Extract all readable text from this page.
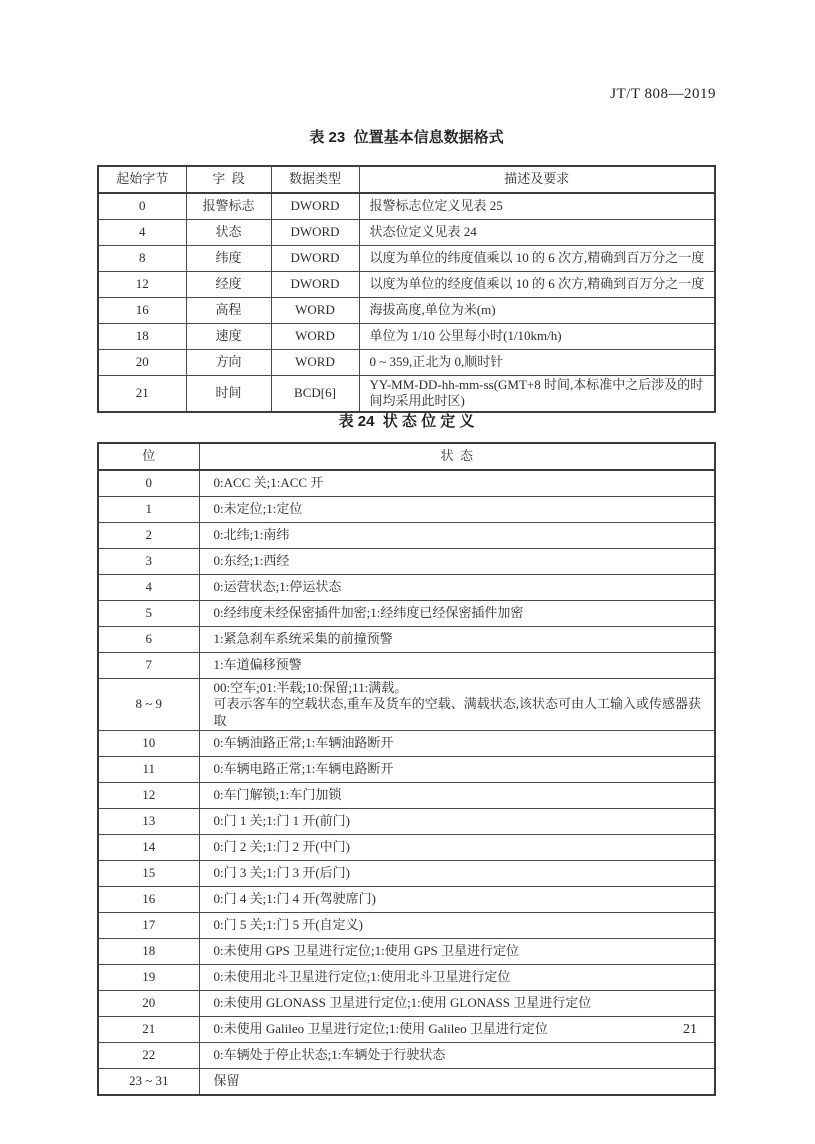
JT/T 808—2019
表 23  位置基本信息数据格式
起始字节	字  段	数据类型	描述及要求
0	报警标志	DWORD	报警标志位定义见表 25
4	状态	DWORD	状态位定义见表 24
8	纬度	DWORD	以度为单位的纬度值乘以 10 的 6 次方,精确到百万分之一度
12	经度	DWORD	以度为单位的经度值乘以 10 的 6 次方,精确到百万分之一度
16	高程	WORD	海拔高度,单位为米(m)
18	速度	WORD	单位为 1/10 公里每小时(1/10km/h)
20	方向	WORD	0 ~ 359,正北为 0,顺时针
21	时间	BCD[6]	YY-MM-DD-hh-mm-ss(GMT+8 时间,本标准中之后涉及的时间均采用此时区)
表 24  状 态 位 定 义
位	状  态
0	0:ACC 关;1:ACC 开

1	0:未定位;1:定位

2	0:北纬;1:南纬

3	0:东经;1:西经

4	0:运营状态;1:停运状态

5	0:经纬度未经保密插件加密;1:经纬度已经保密插件加密

6	1:紧急刹车系统采集的前撞预警

7	1:车道偏移预警

8 ~ 9	00:空车;01:半载;10:保留;11:满载。
可表示客车的空载状态,重车及货车的空载、满载状态,该状态可由人工输入或传感器获取

10	0:车辆油路正常;1:车辆油路断开

11	0:车辆电路正常;1:车辆电路断开

12	0:车门解锁;1:车门加锁

13	0:门 1 关;1:门 1 开(前门)

14	0:门 2 关;1:门 2 开(中门)

15	0:门 3 关;1:门 3 开(后门)

16	0:门 4 关;1:门 4 开(驾驶席门)

17	0:门 5 关;1:门 5 开(自定义)

18	0:未使用 GPS 卫星进行定位;1:使用 GPS 卫星进行定位

19	0:未使用北斗卫星进行定位;1:使用北斗卫星进行定位

20	0:未使用 GLONASS 卫星进行定位;1:使用 GLONASS 卫星进行定位

21	0:未使用 Galileo 卫星进行定位;1:使用 Galileo 卫星进行定位

22	0:车辆处于停止状态;1:车辆处于行驶状态

23 ~ 31	保留
21
